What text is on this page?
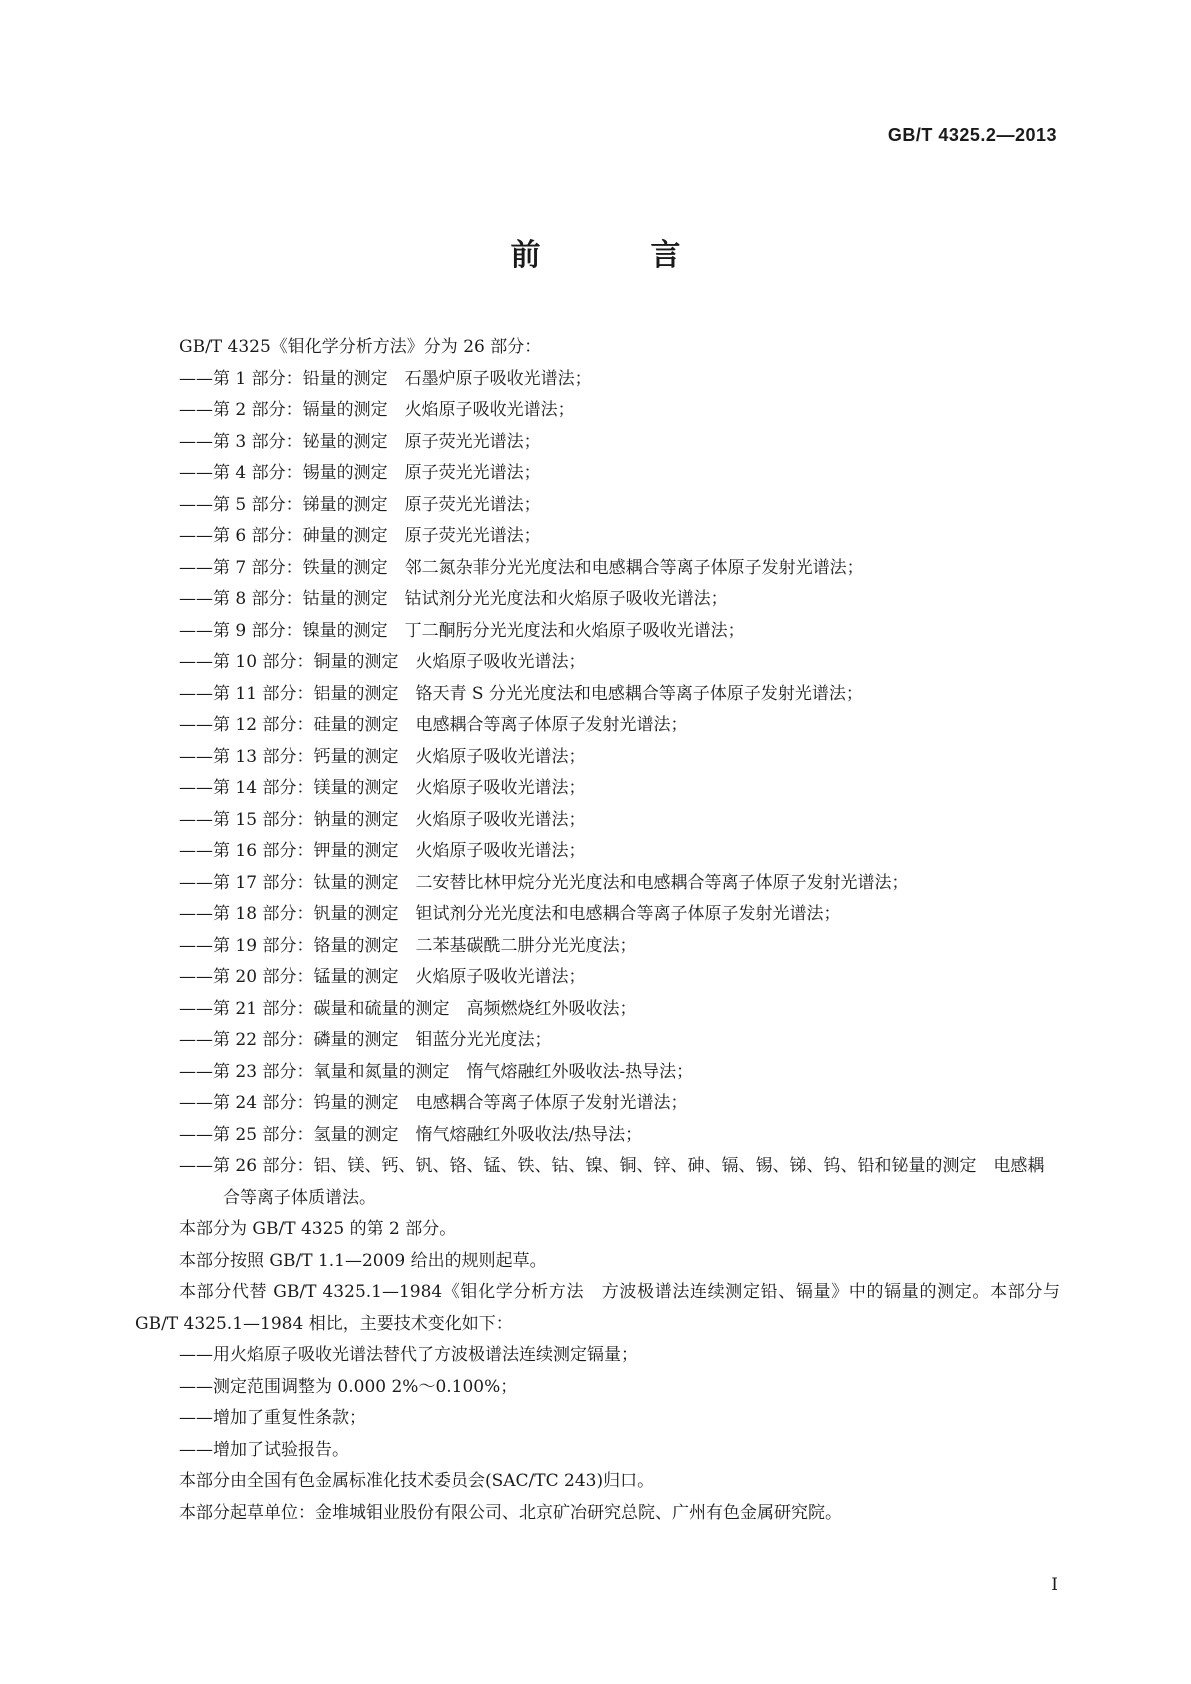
GB/T 4325.2—2013
前　言

GB/T 4325《钼化学分析方法》分为 26 部分：

——第 1 部分：铅量的测定　石墨炉原子吸收光谱法；

——第 2 部分：镉量的测定　火焰原子吸收光谱法；

——第 3 部分：铋量的测定　原子荧光光谱法；

——第 4 部分：锡量的测定　原子荧光光谱法；

——第 5 部分：锑量的测定　原子荧光光谱法；

——第 6 部分：砷量的测定　原子荧光光谱法；

——第 7 部分：铁量的测定　邻二氮杂菲分光光度法和电感耦合等离子体原子发射光谱法；

——第 8 部分：钴量的测定　钴试剂分光光度法和火焰原子吸收光谱法；

——第 9 部分：镍量的测定　丁二酮肟分光光度法和火焰原子吸收光谱法；

——第 10 部分：铜量的测定　火焰原子吸收光谱法；

——第 11 部分：铝量的测定　铬天青 S 分光光度法和电感耦合等离子体原子发射光谱法；

——第 12 部分：硅量的测定　电感耦合等离子体原子发射光谱法；

——第 13 部分：钙量的测定　火焰原子吸收光谱法；

——第 14 部分：镁量的测定　火焰原子吸收光谱法；

——第 15 部分：钠量的测定　火焰原子吸收光谱法；

——第 16 部分：钾量的测定　火焰原子吸收光谱法；

——第 17 部分：钛量的测定　二安替比林甲烷分光光度法和电感耦合等离子体原子发射光谱法；

——第 18 部分：钒量的测定　钽试剂分光光度法和电感耦合等离子体原子发射光谱法；

——第 19 部分：铬量的测定　二苯基碳酰二肼分光光度法；

——第 20 部分：锰量的测定　火焰原子吸收光谱法；

——第 21 部分：碳量和硫量的测定　高频燃烧红外吸收法；

——第 22 部分：磷量的测定　钼蓝分光光度法；

——第 23 部分：氧量和氮量的测定　惰气熔融红外吸收法-热导法；

——第 24 部分：钨量的测定　电感耦合等离子体原子发射光谱法；

——第 25 部分：氢量的测定　惰气熔融红外吸收法/热导法；

——第 26 部分：铝、镁、钙、钒、铬、锰、铁、钴、镍、铜、锌、砷、镉、锡、锑、钨、铅和铋量的测定　电感耦合等离子体质谱法。

本部分为 GB/T 4325 的第 2 部分。

本部分按照 GB/T 1.1—2009 给出的规则起草。

本部分代替 GB/T 4325.1—1984《钼化学分析方法　方波极谱法连续测定铅、镉量》中的镉量的测定。本部分与 GB/T 4325.1—1984 相比，主要技术变化如下：

——用火焰原子吸收光谱法替代了方波极谱法连续测定镉量；

——测定范围调整为 0.000 2%～0.100%；

——增加了重复性条款；

——增加了试验报告。

本部分由全国有色金属标准化技术委员会(SAC/TC 243)归口。

本部分起草单位：金堆城钼业股份有限公司、北京矿冶研究总院、广州有色金属研究院。

I
